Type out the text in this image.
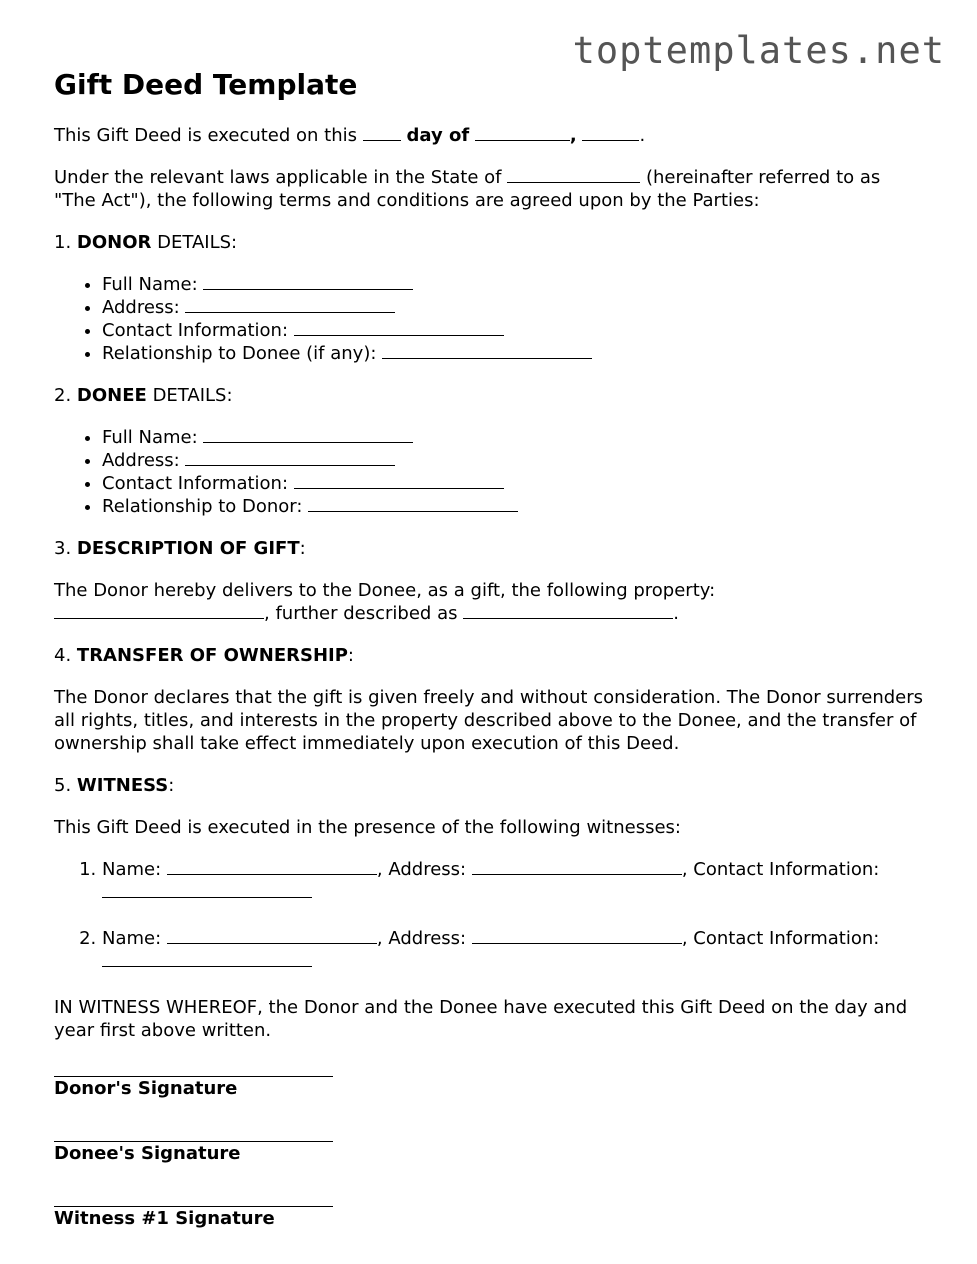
toptemplates.net
Gift Deed Template

This Gift Deed is executed on this	day of	,	.

Under the relevant laws applicable in the State of	(hereinafter referred to as "The Act"), the following terms and conditions are agreed upon by the Parties:

1. DONOR DETAILS:

• Full Name:
• Address:
• Contact Information:
• Relationship to Donee (if any):

2. DONEE DETAILS:

• Full Name:
• Address:
• Contact Information:
• Relationship to Donor:

3. DESCRIPTION OF GIFT:

The Donor hereby delivers to the Donee, as a gift, the following property:
, further described as	.

4. TRANSFER OF OWNERSHIP:

The Donor declares that the gift is given freely and without consideration. The Donor surrenders all rights, titles, and interests in the property described above to the Donee, and the transfer of ownership shall take effect immediately upon execution of this Deed.

5. WITNESS:

This Gift Deed is executed in the presence of the following witnesses:

1. Name:	, Address:	, Contact Information:

2. Name:	, Address:	, Contact Information:

IN WITNESS WHEREOF, the Donor and the Donee have executed this Gift Deed on the day and year first above written.

Donor's Signature
Donee's Signature
Witness #1 Signature
